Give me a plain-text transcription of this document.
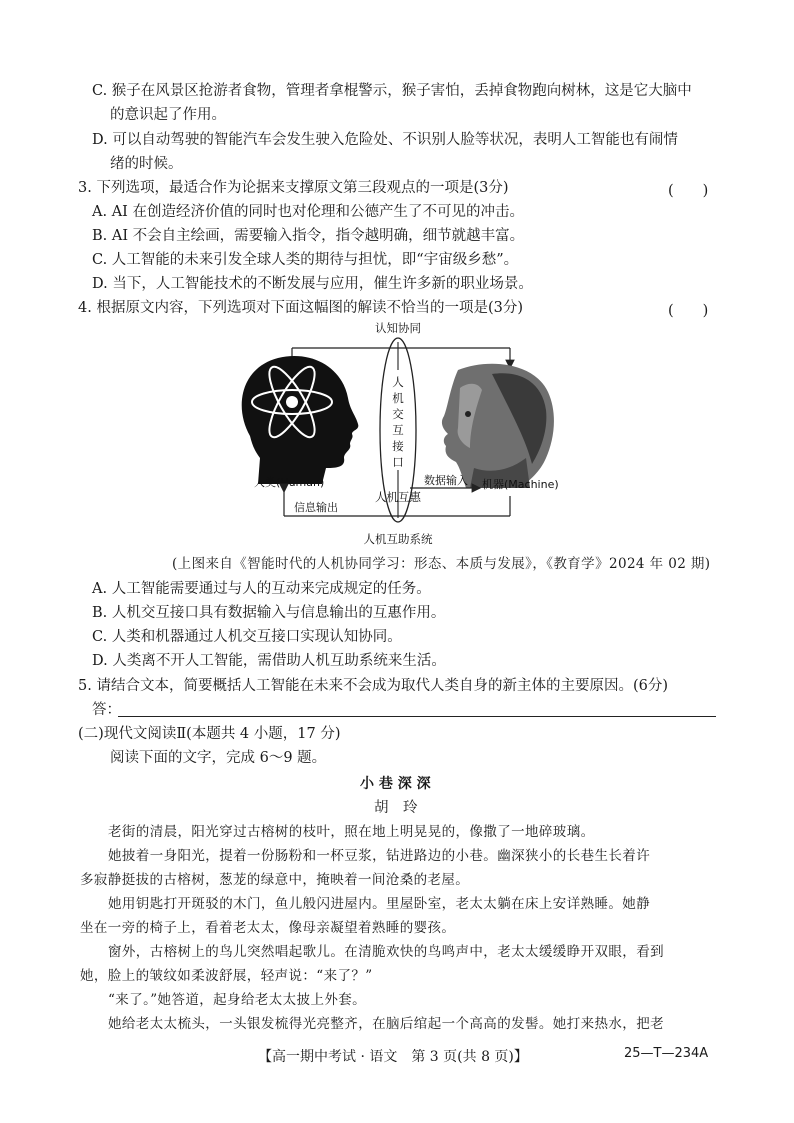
C. 猴子在风景区抢游者食物，管理者拿棍警示，猴子害怕，丢掉食物跑向树林，这是它大脑中
的意识起了作用。
D. 可以自动驾驶的智能汽车会发生驶入危险处、不识别人脸等状况，表明人工智能也有闹情
绪的时候。
3. 下列选项，最适合作为论据来支撑原文第三段观点的一项是(3分)	(　　)
A. AI 在创造经济价值的同时也对伦理和公德产生了不可见的冲击。
B. AI 不会自主绘画，需要输入指令，指令越明确，细节就越丰富。
C. 人工智能的未来引发全球人类的期待与担忧，即“宇宙级乡愁”。
D. 当下，人工智能技术的不断发展与应用，催生许多新的职业场景。
4. 根据原文内容，下列选项对下面这幅图的解读不恰当的一项是(3分)	(　　)
认知协同
人
机
交
互
接
口
人类(Human)	机器(Machine)
数据输入
人机互惠
信息输出
人机互助系统
(上图来自《智能时代的人机协同学习：形态、本质与发展》，《教育学》2024 年 02 期)
A. 人工智能需要通过与人的互动来完成规定的任务。
B. 人机交互接口具有数据输入与信息输出的互惠作用。
C. 人类和机器通过人机交互接口实现认知协同。
D. 人类离不开人工智能，需借助人机互助系统来生活。
5. 请结合文本，简要概括人工智能在未来不会成为取代人类自身的新主体的主要原因。(6分)
答：
(二)现代文阅读Ⅱ(本题共 4 小题，17 分)
阅读下面的文字，完成 6～9 题。
小 巷 深 深
胡　玲
老街的清晨，阳光穿过古榕树的枝叶，照在地上明晃晃的，像撒了一地碎玻璃。
她披着一身阳光，提着一份肠粉和一杯豆浆，钻进路边的小巷。幽深狭小的长巷生长着许
多寂静挺拔的古榕树，葱茏的绿意中，掩映着一间沧桑的老屋。
她用钥匙打开斑驳的木门，鱼儿般闪进屋内。里屋卧室，老太太躺在床上安详熟睡。她静
坐在一旁的椅子上，看着老太太，像母亲凝望着熟睡的婴孩。
窗外，古榕树上的鸟儿突然唱起歌儿。在清脆欢快的鸟鸣声中，老太太缓缓睁开双眼，看到
她，脸上的皱纹如柔波舒展，轻声说：“来了？”
“来了。”她答道，起身给老太太披上外套。
她给老太太梳头，一头银发梳得光亮整齐，在脑后绾起一个高高的发髻。她打来热水，把老
【高一期中考试 · 语文　第 3 页(共 8 页)】	25—T—234A
